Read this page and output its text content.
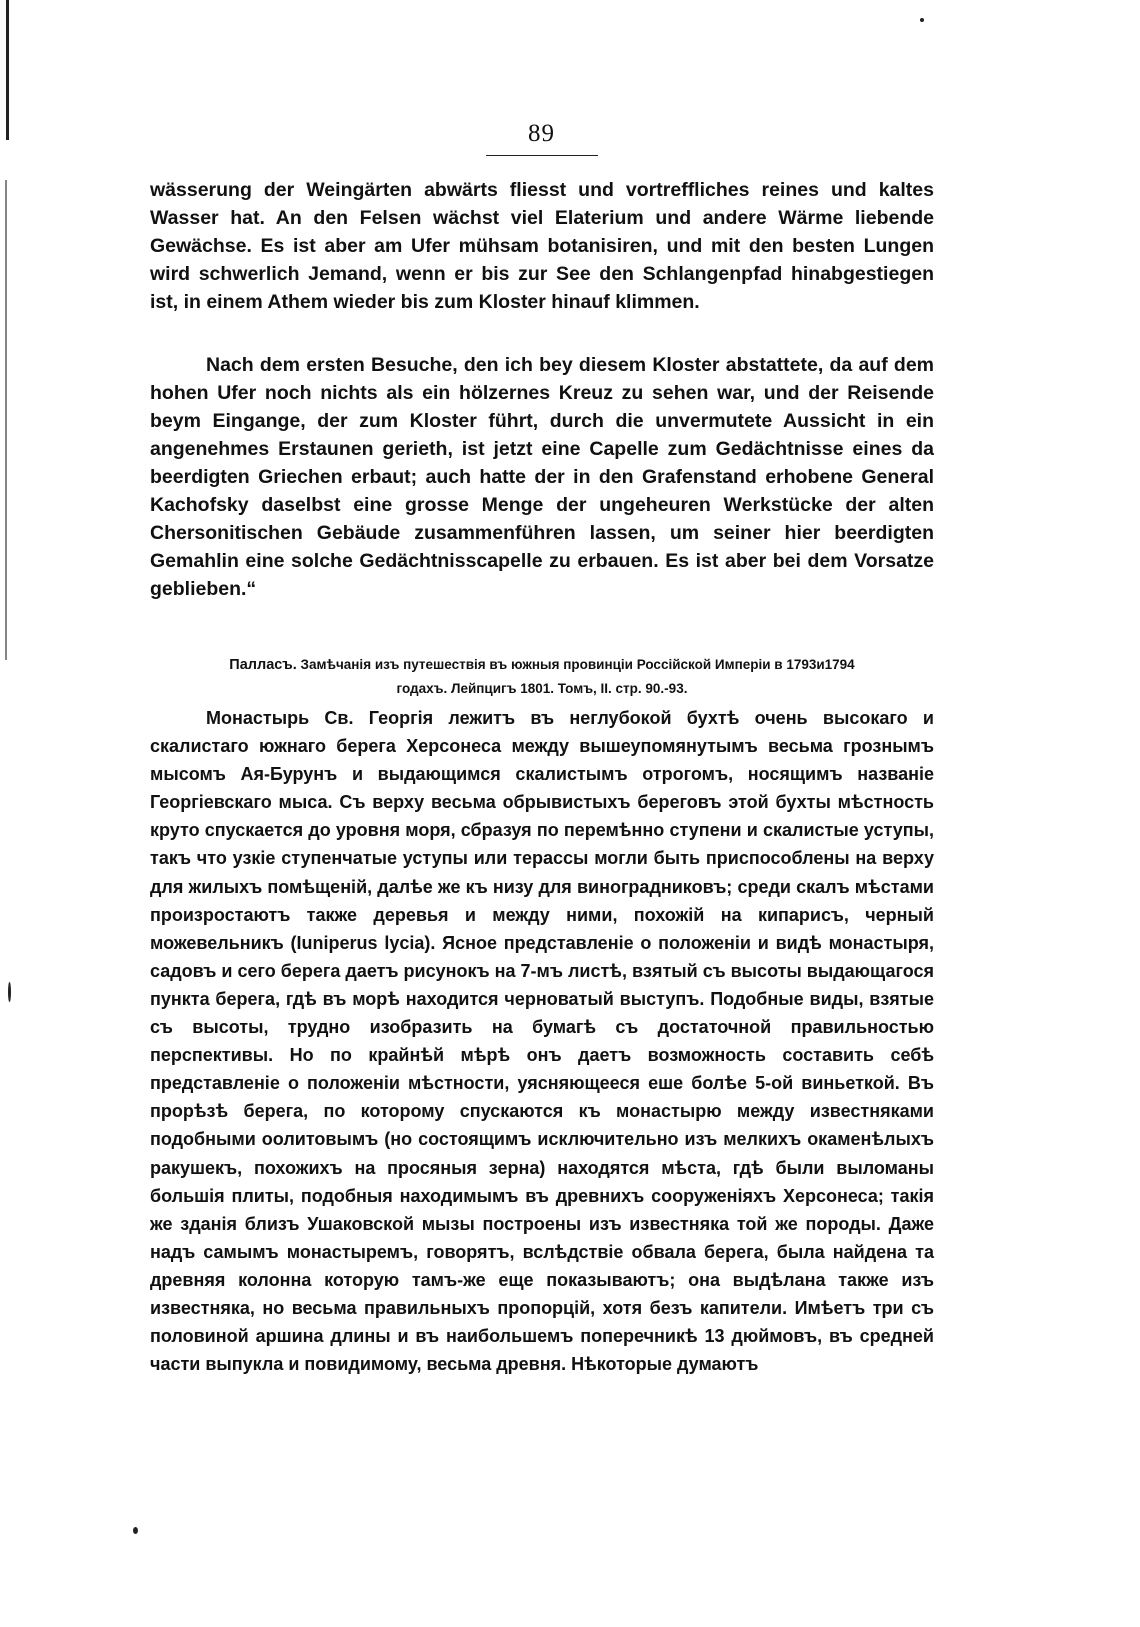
89

wässerung der Weingärten abwärts fliesst und vortreffliches reines und kaltes Wasser hat. An den Felsen wächst viel Elaterium und andere Wärme liebende Gewächse. Es ist aber am Ufer mühsam botanisiren, und mit den besten Lungen wird schwerlich Jemand, wenn er bis zur See den Schlangenpfad hinabgestiegen ist, in einem Athem wieder bis zum Kloster hinauf klimmen.

Nach dem ersten Besuche, den ich bey diesem Kloster abstattete, da auf dem hohen Ufer noch nichts als ein hölzernes Kreuz zu sehen war, und der Reisende beym Eingange, der zum Kloster führt, durch die unvermutete Aussicht in ein angenehmes Erstaunen gerieth, ist jetzt eine Capelle zum Gedächtnisse eines da beerdigten Griechen erbaut; auch hatte der in den Grafenstand erhobene General Kachofsky daselbst eine grosse Menge der ungeheuren Werkstücke der alten Chersonitischen Gebäude zusammenführen lassen, um seiner hier beerdigten Gemahlin eine solche Gedächtnisscapelle zu erbauen. Es ist aber bei dem Vorsatze geblieben.“

Палласъ. Замѣчанія изъ путешествія въ южныя провинціи Россійской Имперіи в 1793и1794
годахъ. Лейпцигъ 1801. Томъ, II. стр. 90.-93.

Монастырь Св. Георгія лежитъ въ неглубокой бухтѣ очень высокаго и скалистаго южнаго берега Херсонеса между вышеупомянутымъ весьма грознымъ мысомъ Ая-Бурунъ и выдающимся скалистымъ отрогомъ, носящимъ названіе Георгіевскаго мыса. Съ верху весьма обрывистыхъ береговъ этой бухты мѣстность круто спускается до уровня моря, сбразуя по перемѣнно ступени и скалистые уступы, такъ что узкіе ступенчатые уступы или терассы могли быть приспособлены на верху для жилыхъ помѣщеній, далѣе же къ низу для виноградниковъ; среди скалъ мѣстами произростаютъ также деревья и между ними, похожій на кипарисъ, черный можевельникъ (Iuniperus lycia). Ясное представленіе о положеніи и видѣ монастыря, садовъ и сего берега даетъ рисунокъ на 7-мъ листѣ, взятый съ высоты выдающагося пункта берега, гдѣ въ морѣ находится черноватый выступъ. Подобные виды, взятые съ высоты, трудно изобразить на бумагѣ съ достаточной правильностью перспективы. Но по крайнѣй мѣрѣ онъ даетъ возможность составить себѣ представленіе о положеніи мѣстности, уясняющееся еше болѣе 5-ой виньеткой. Въ прорѣзѣ берега, по которому спускаются къ монастырю между известняками подобными оолитовымъ (но состоящимъ исключительно изъ мелкихъ окаменѣлыхъ ракушекъ, похожихъ на просяныя зерна) находятся мѣста, гдѣ были выломаны большія плиты, подобныя находимымъ въ древнихъ сооруженіяхъ Херсонеса; такія же зданія близъ Ушаковской мызы построены изъ известняка той же породы. Даже надъ самымъ монастыремъ, говорятъ, вслѣдствіе обвала берега, была найдена та древняя колонна которую тамъ-же еще показываютъ; она выдѣлана также изъ известняка, но весьма правильныхъ пропорцій, хотя безъ капители. Имѣетъ три съ половиной аршина длины и въ наибольшемъ поперечникѣ 13 дюймовъ, въ средней части выпукла и повидимому, весьма древня. Нѣкоторые думаютъ
